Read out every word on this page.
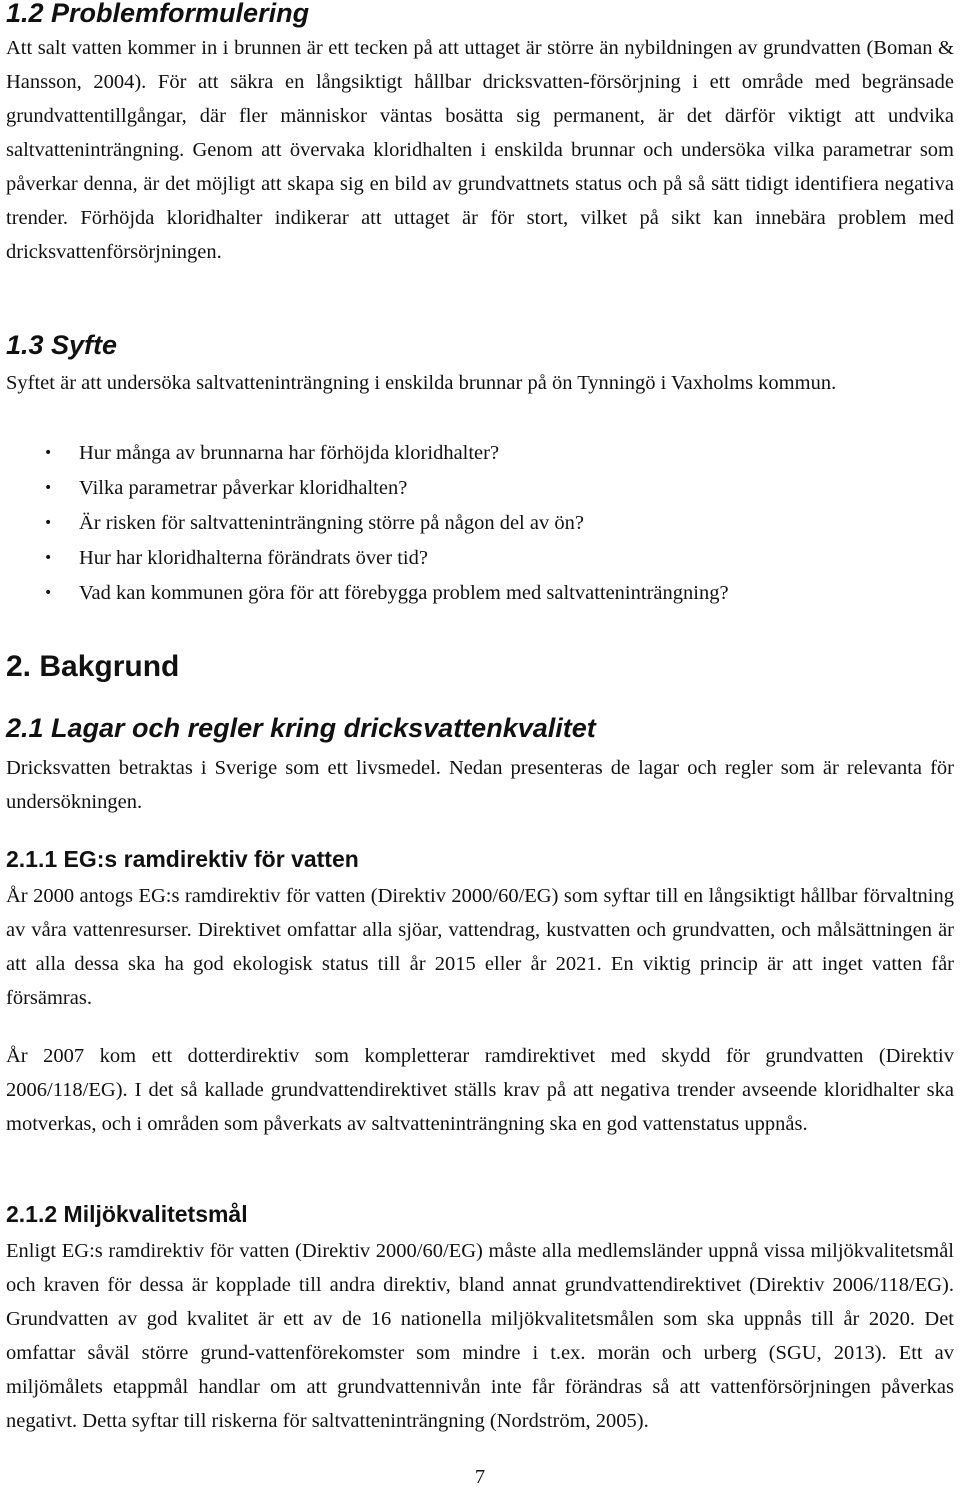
1.2 Problemformulering

Att salt vatten kommer in i brunnen är ett tecken på att uttaget är större än nybildningen av grundvatten (Boman & Hansson, 2004). För att säkra en långsiktigt hållbar dricksvatten-försörjning i ett område med begränsade grundvattentillgångar, där fler människor väntas bosätta sig permanent, är det därför viktigt att undvika saltvatteninträngning. Genom att övervaka kloridhalten i enskilda brunnar och undersöka vilka parametrar som påverkar denna, är det möjligt att skapa sig en bild av grundvattnets status och på så sätt tidigt identifiera negativa trender. Förhöjda kloridhalter indikerar att uttaget är för stort, vilket på sikt kan innebära problem med dricksvattenförsörjningen.

1.3 Syfte

Syftet är att undersöka saltvatteninträngning i enskilda brunnar på ön Tynningö i Vaxholms kommun.

• Hur många av brunnarna har förhöjda kloridhalter?
• Vilka parametrar påverkar kloridhalten?
• Är risken för saltvatteninträngning större på någon del av ön?
• Hur har kloridhalterna förändrats över tid?
• Vad kan kommunen göra för att förebygga problem med saltvatteninträngning?
2. Bakgrund
2.1 Lagar och regler kring dricksvattenkvalitet

Dricksvatten betraktas i Sverige som ett livsmedel. Nedan presenteras de lagar och regler som är relevanta för undersökningen.

2.1.1 EG:s ramdirektiv för vatten

År 2000 antogs EG:s ramdirektiv för vatten (Direktiv 2000/60/EG) som syftar till en långsiktigt hållbar förvaltning av våra vattenresurser. Direktivet omfattar alla sjöar, vattendrag, kustvatten och grundvatten, och målsättningen är att alla dessa ska ha god ekologisk status till år 2015 eller år 2021. En viktig princip är att inget vatten får försämras.

År 2007 kom ett dotterdirektiv som kompletterar ramdirektivet med skydd för grundvatten (Direktiv 2006/118/EG). I det så kallade grundvattendirektivet ställs krav på att negativa trender avseende kloridhalter ska motverkas, och i områden som påverkats av saltvatteninträngning ska en god vattenstatus uppnås.

2.1.2 Miljökvalitetsmål

Enligt EG:s ramdirektiv för vatten (Direktiv 2000/60/EG) måste alla medlemsländer uppnå vissa miljökvalitetsmål och kraven för dessa är kopplade till andra direktiv, bland annat grundvattendirektivet (Direktiv 2006/118/EG). Grundvatten av god kvalitet är ett av de 16 nationella miljökvalitetsmålen som ska uppnås till år 2020. Det omfattar såväl större grund-vattenförekomster som mindre i t.ex. morän och urberg (SGU, 2013). Ett av miljömålets etappmål handlar om att grundvattennivån inte får förändras så att vattenförsörjningen påverkas negativt. Detta syftar till riskerna för saltvatteninträngning (Nordström, 2005).

7
